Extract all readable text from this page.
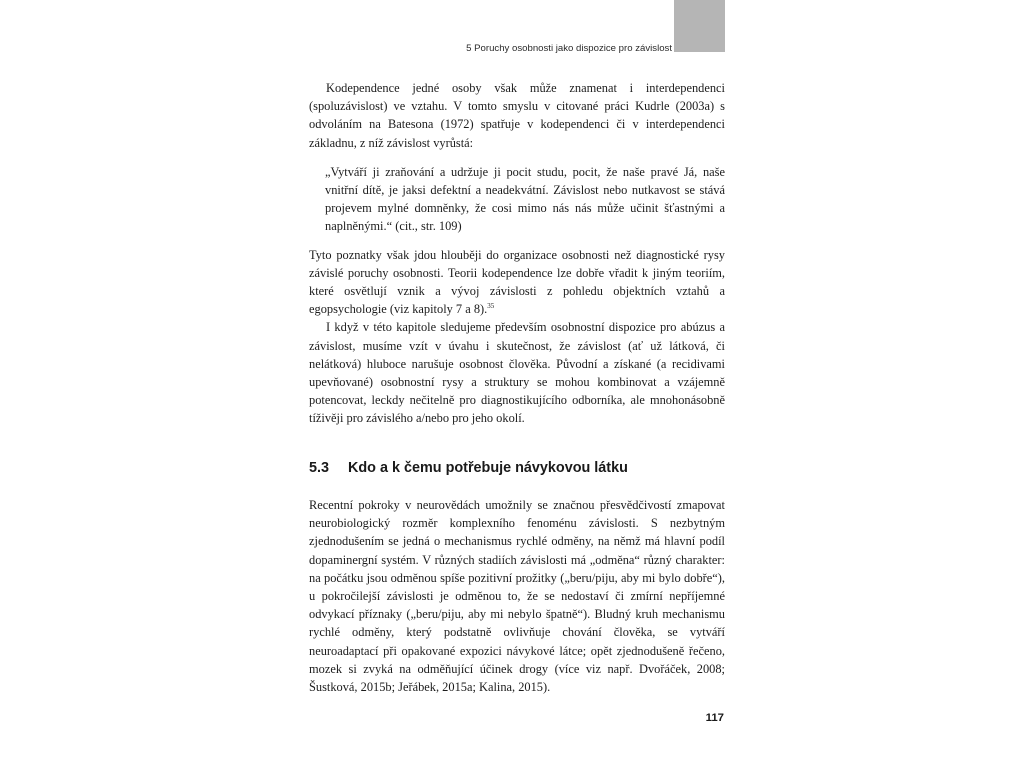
5 Poruchy osobnosti jako dispozice pro závislost

Kodependence jedné osoby však může znamenat i interdependenci (spoluzávislost) ve vztahu. V tomto smyslu v citované práci Kudrle (2003a) s odvoláním na Batesona (1972) spatřuje v kodependenci či v interdependenci základnu, z níž závislost vyrůstá:

„Vytváří ji zraňování a udržuje ji pocit studu, pocit, že naše pravé Já, naše vnitřní dítě, je jaksi defektní a neadekvátní. Závislost nebo nutkavost se stává projevem mylné domněnky, že cosi mimo nás nás může učinit šťastnými a naplněnými.“ (cit., str. 109)

Tyto poznatky však jdou hlouběji do organizace osobnosti než diagnostické rysy závislé poruchy osobnosti. Teorii kodependence lze dobře vřadit k jiným teoriím, které osvětlují vznik a vývoj závislosti z pohledu objektních vztahů a egopsychologie (viz kapitoly 7 a 8).$^{35}$

I když v této kapitole sledujeme především osobnostní dispozice pro abúzus a závislost, musíme vzít v úvahu i skutečnost, že závislost (ať už látková, či nelátková) hluboce narušuje osobnost člověka. Původní a získané (a recidivami upevňované) osobnostní rysy a struktury se mohou kombinovat a vzájemně potencovat, leckdy nečitelně pro diagnostikujícího odborníka, ale mnohonásobně tíživěji pro závislého a/nebo pro jeho okolí.

5.3 Kdo a k čemu potřebuje návykovou látku

Recentní pokroky v neurovědách umožnily se značnou přesvědčivostí zmapovat neurobiologický rozměr komplexního fenoménu závislosti. S nezbytným zjednodušením se jedná o mechanismus rychlé odměny, na němž má hlavní podíl dopaminergní systém. V různých stadiích závislosti má „odměna“ různý charakter: na počátku jsou odměnou spíše pozitivní prožitky („beru/piju, aby mi bylo dobře“), u pokročilejší závislosti je odměnou to, že se nedostaví či zmírní nepříjemné odvykací příznaky („beru/piju, aby mi nebylo špatně“). Bludný kruh mechanismu rychlé odměny, který podstatně ovlivňuje chování člověka, se vytváří neuroadaptací při opakované expozici návykové látce; opět zjednodušeně řečeno, mozek si zvyká na odměňující účinek drogy (více viz např. Dvořáček, 2008; Šustková, 2015b; Jeřábek, 2015a; Kalina, 2015).

117
